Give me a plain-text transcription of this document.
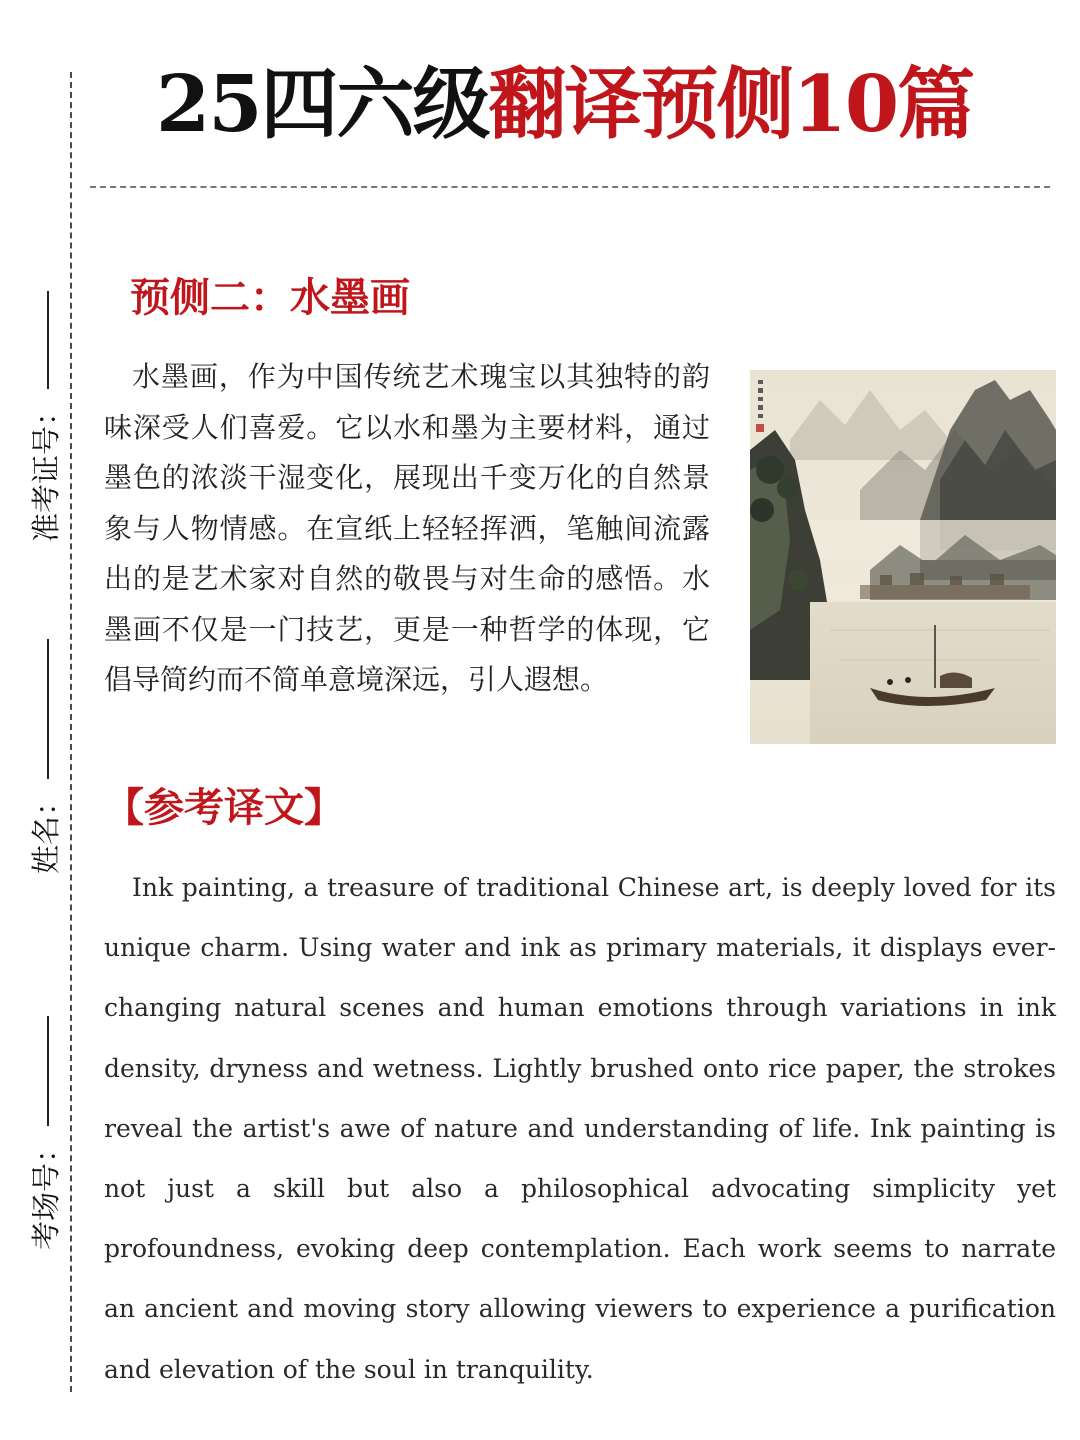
准考证号：
姓名：
考场号：
25四六级翻译预侧10篇
预侧二：水墨画
水墨画，作为中国传统艺术瑰宝以其独特的韵味深受人们喜爱。它以水和墨为主要材料，通过墨色的浓淡干湿变化，展现出千变万化的自然景象与人物情感。在宣纸上轻轻挥洒，笔触间流露出的是艺术家对自然的敬畏与对生命的感悟。水墨画不仅是一门技艺，更是一种哲学的体现，它倡导简约而不简单意境深远，引人遐想。
【参考译文】

Ink painting, a treasure of traditional Chinese art, is deeply loved for its unique charm. Using water and ink as primary materials, it displays ever-changing natural scenes and human emotions through variations in ink density, dryness and wetness. Lightly brushed onto rice paper, the strokes reveal the artist's awe of nature and understanding of life. Ink painting is not just a skill but also a philosophical advocating simplicity yet profoundness, evoking deep contemplation. Each work seems to narrate an ancient and moving story allowing viewers to experience a purification and elevation of the soul in tranquility.
